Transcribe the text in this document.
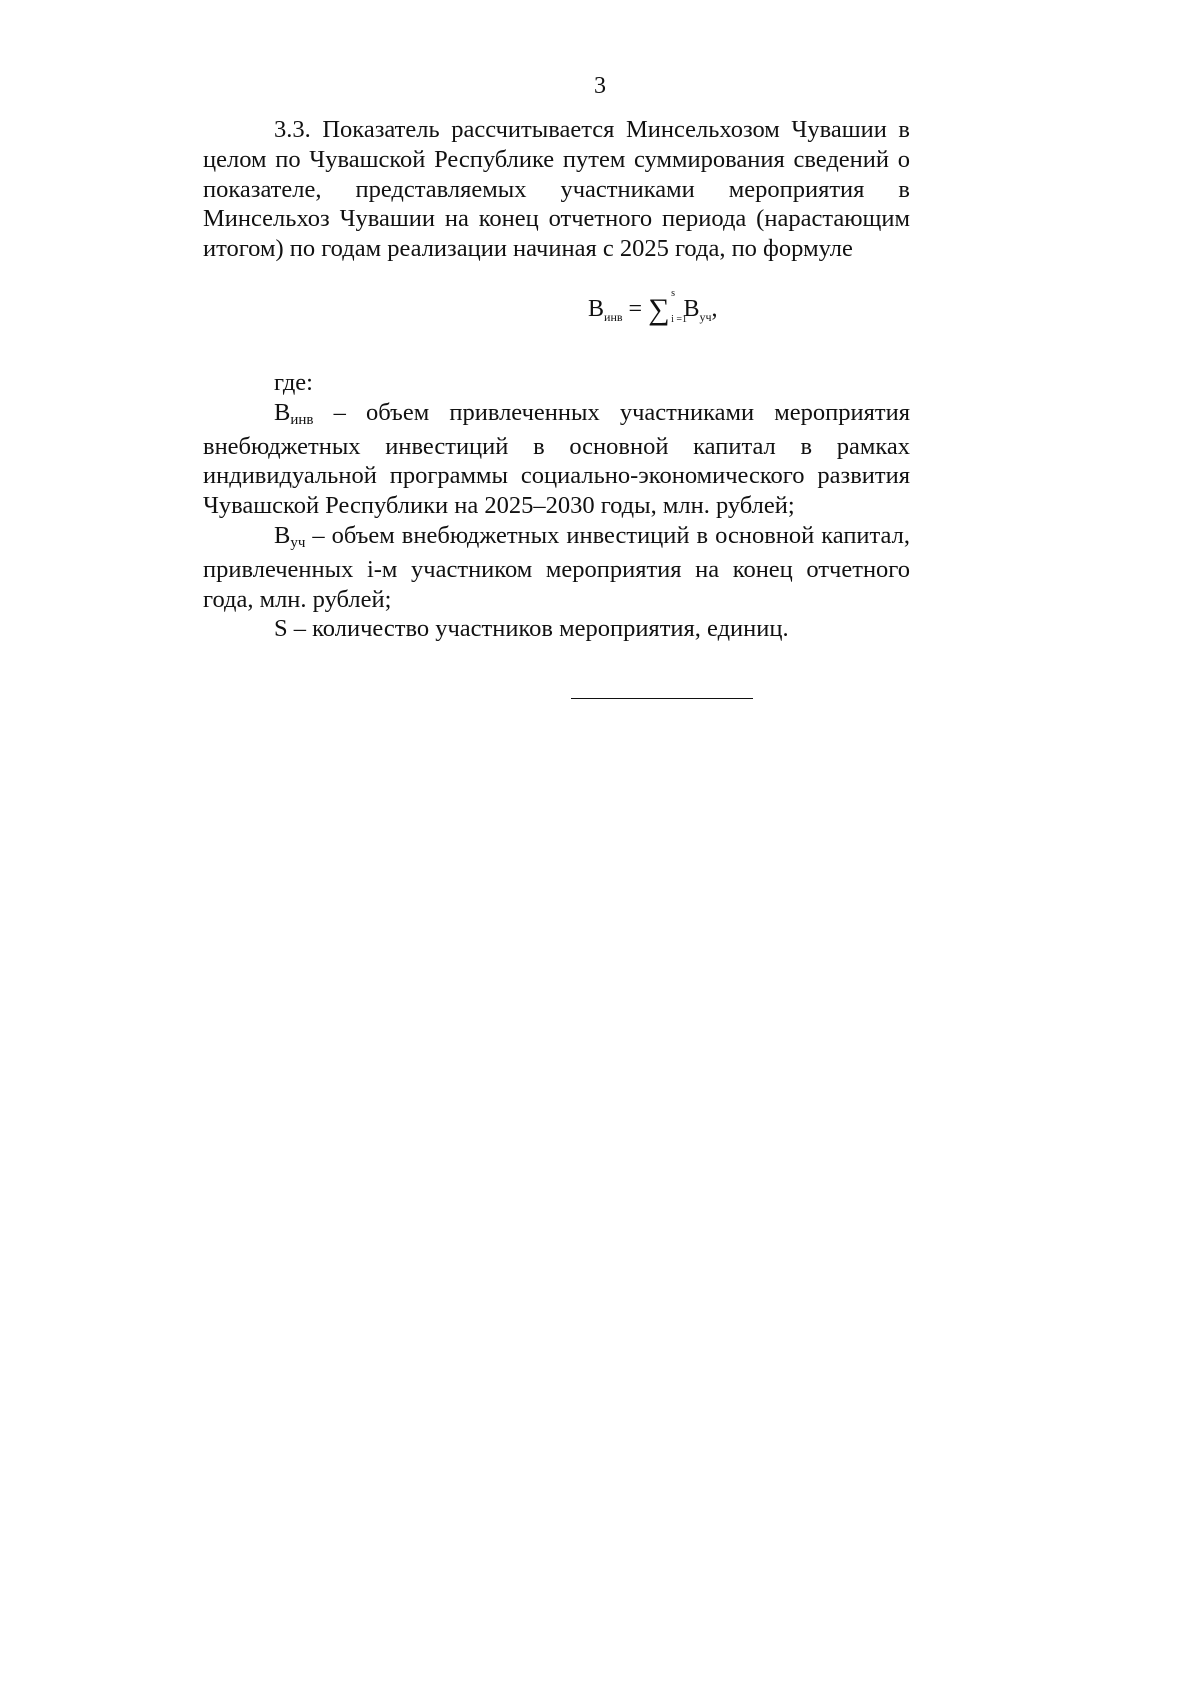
3

3.3. Показатель рассчитывается Минсельхозом Чувашии в целом по Чувашской Республике путем суммирования сведений о показателе, представляемых участниками мероприятия в Минсельхоз Чувашии на конец отчетного периода (нарастающим итогом) по годам реализации начиная с 2025 года, по формуле

$В_{инв}$ = ∑ s
i =1
$В_{уч}$,

где:

Винв – объем привлеченных участниками мероприятия внебюджетных инвестиций в основной капитал в рамках индивидуальной программы социально-экономического развития Чувашской Республики на 2025–2030 годы, млн. рублей;

Вуч – объем внебюджетных инвестиций в основной капитал, привлеченных i-м участником мероприятия на конец отчетного года, млн. рублей;

S – количество участников мероприятия, единиц.
